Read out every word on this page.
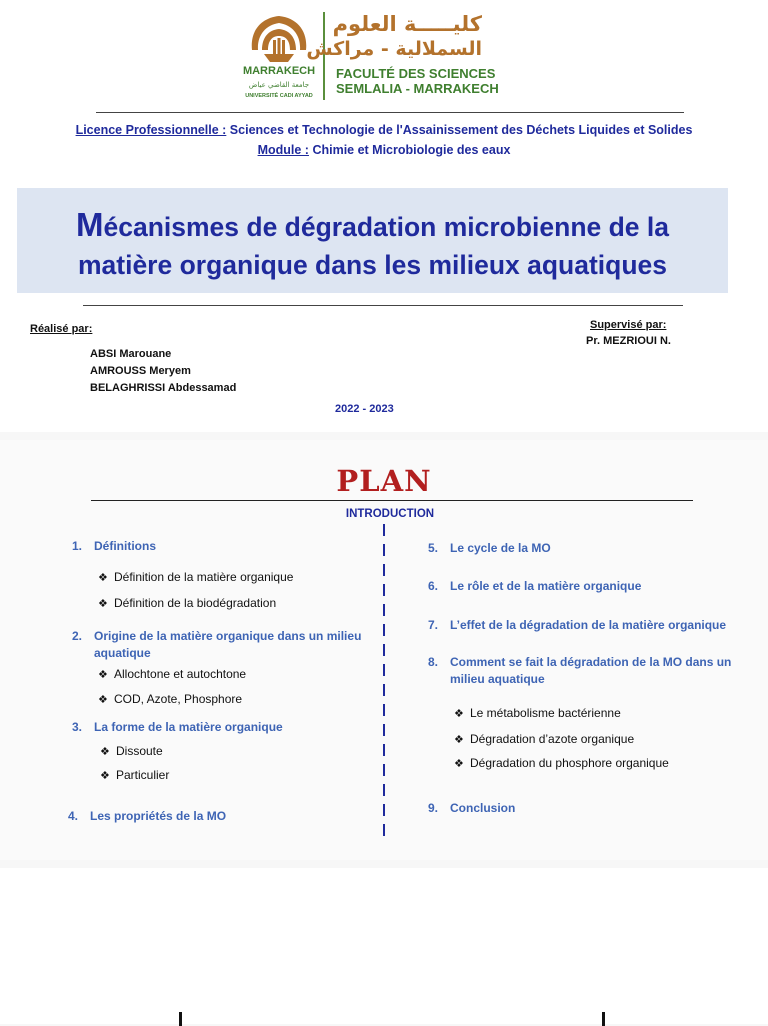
MARRAKECH
جامعة القاضي عياض
UNIVERSITÉ CADI AYYAD
كليـــــة العلوم
السملالية - مراكش
FACULTÉ DES SCIENCES
SEMLALIA - MARRAKECH
Licence Professionnelle : Sciences et Technologie de l'Assainissement des Déchets Liquides et Solides
Module : Chimie et Microbiologie des eaux
Mécanismes de dégradation microbienne de la
matière organique dans les milieux aquatiques
Réalisé par:
ABSI Marouane
AMROUSS Meryem
BELAGHRISSI Abdessamad
Supervisé par:
Pr. MEZRIOUI N.
2022 - 2023
PLAN
INTRODUCTION
1. Définitions
❖ Définition de la matière organique
❖ Définition de la biodégradation
2. Origine de la matière organique dans un milieu aquatique
❖ Allochtone et autochtone
❖ COD, Azote, Phosphore
3. La forme de la matière organique
❖ Dissoute
❖ Particulier
4. Les propriétés de la MO
5. Le cycle de la MO
6. Le rôle et de la matière organique
7. L’effet de la dégradation de la matière organique
8. Comment se fait la dégradation de la MO dans un milieu aquatique
❖ Le métabolisme bactérienne
❖ Dégradation d’azote organique
❖ Dégradation du phosphore organique
9. Conclusion
